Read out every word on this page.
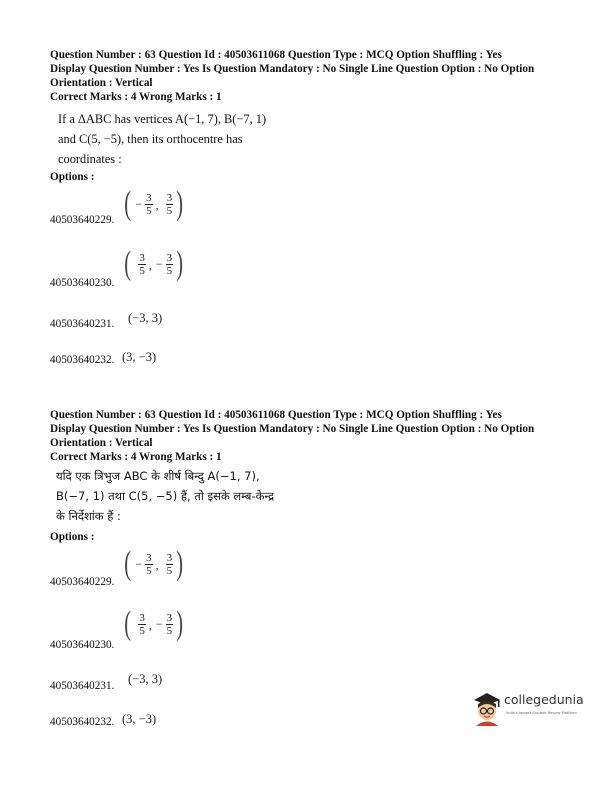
Question Number : 63 Question Id : 40503611068 Question Type : MCQ Option Shuffling : Yes
Display Question Number : Yes Is Question Mandatory : No Single Line Question Option : No Option
Orientation : Vertical
Correct Marks : 4 Wrong Marks : 1
If a ΔABC has vertices A(−1, 7), B(−7, 1)
and C(5, −5), then its orthocentre has
coordinates :
Options :
40503640229. ( − $\frac{3}{5}$ , $\frac{3}{5}$ )
40503640230.
( $\frac{3}{5}$ , − $\frac{3}{5}$ )
40503640231. (−3, 3)
40503640232. (3, −3)
Question Number : 63 Question Id : 40503611068 Question Type : MCQ Option Shuffling : Yes
Display Question Number : Yes Is Question Mandatory : No Single Line Question Option : No Option
Orientation : Vertical
Correct Marks : 4 Wrong Marks : 1
यदि एक त्रिभुज ABC के शीर्ष बिन्दु A(−1, 7),
B(−7, 1) तथा C(5, −5) हैं, तो इसके लम्ब-केन्द्र
के निर्देशांक हैं :
Options :
40503640229. ( − $\frac{3}{5}$ , $\frac{3}{5}$ )
40503640230.
( $\frac{3}{5}$ , − $\frac{3}{5}$ )
40503640231. (−3, 3)
40503640232. (3, −3)
collegedunia
India's largest Student Review Platform
